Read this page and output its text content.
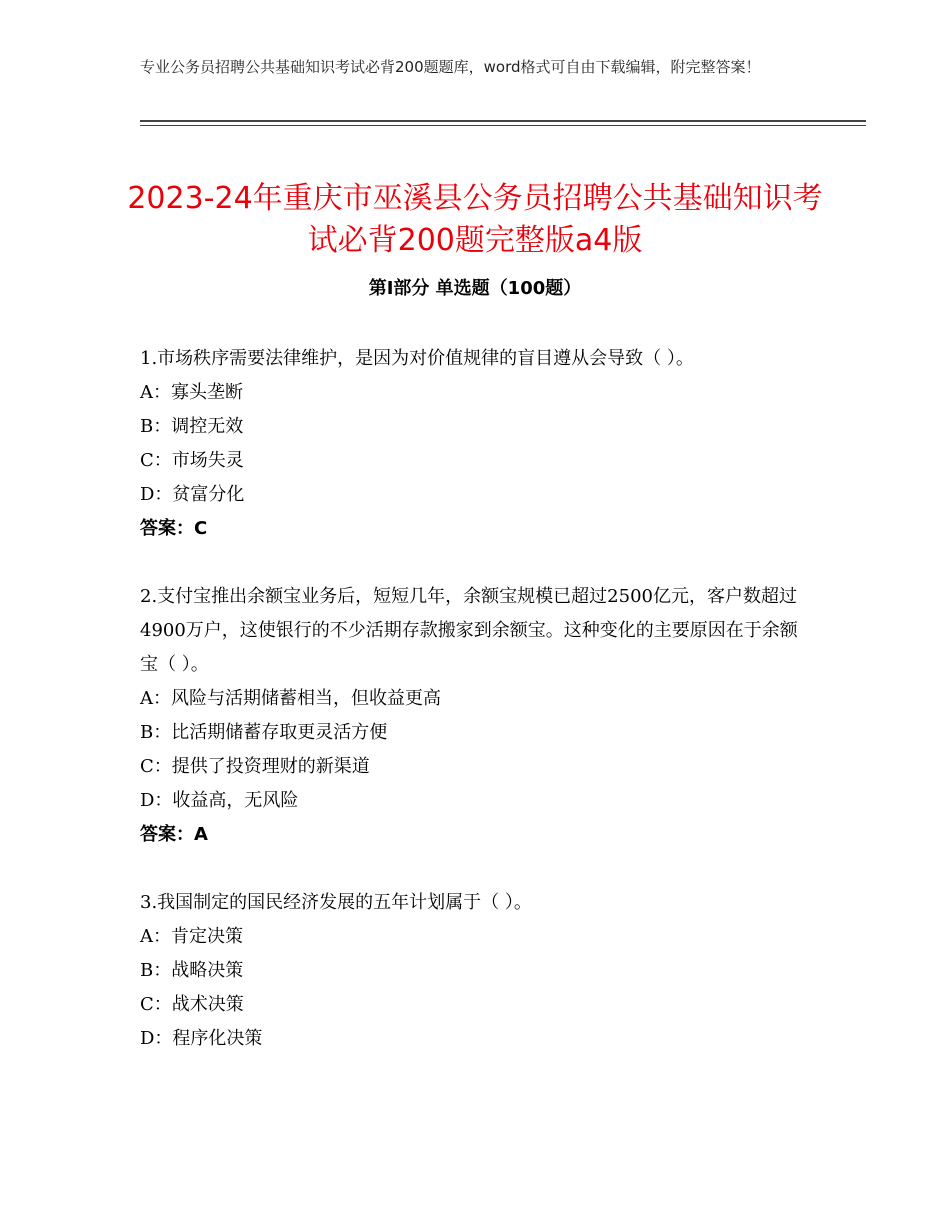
专业公务员招聘公共基础知识考试必背200题题库，word格式可自由下载编辑，附完整答案！
2023-24年重庆市巫溪县公务员招聘公共基础知识考试必背200题完整版a4版
第Ⅰ部分 单选题（100题）

1.市场秩序需要法律维护，是因为对价值规律的盲目遵从会导致（ ）。

A：寡头垄断

B：调控无效

C：市场失灵

D：贫富分化

答案：C

2.支付宝推出余额宝业务后，短短几年，余额宝规模已超过2500亿元，客户数超过4900万户，这使银行的不少活期存款搬家到余额宝。这种变化的主要原因在于余额宝（ ）。

A：风险与活期储蓄相当，但收益更高

B：比活期储蓄存取更灵活方便

C：提供了投资理财的新渠道

D：收益高，无风险

答案：A

3.我国制定的国民经济发展的五年计划属于（ ）。

A：肯定决策

B：战略决策

C：战术决策

D：程序化决策
